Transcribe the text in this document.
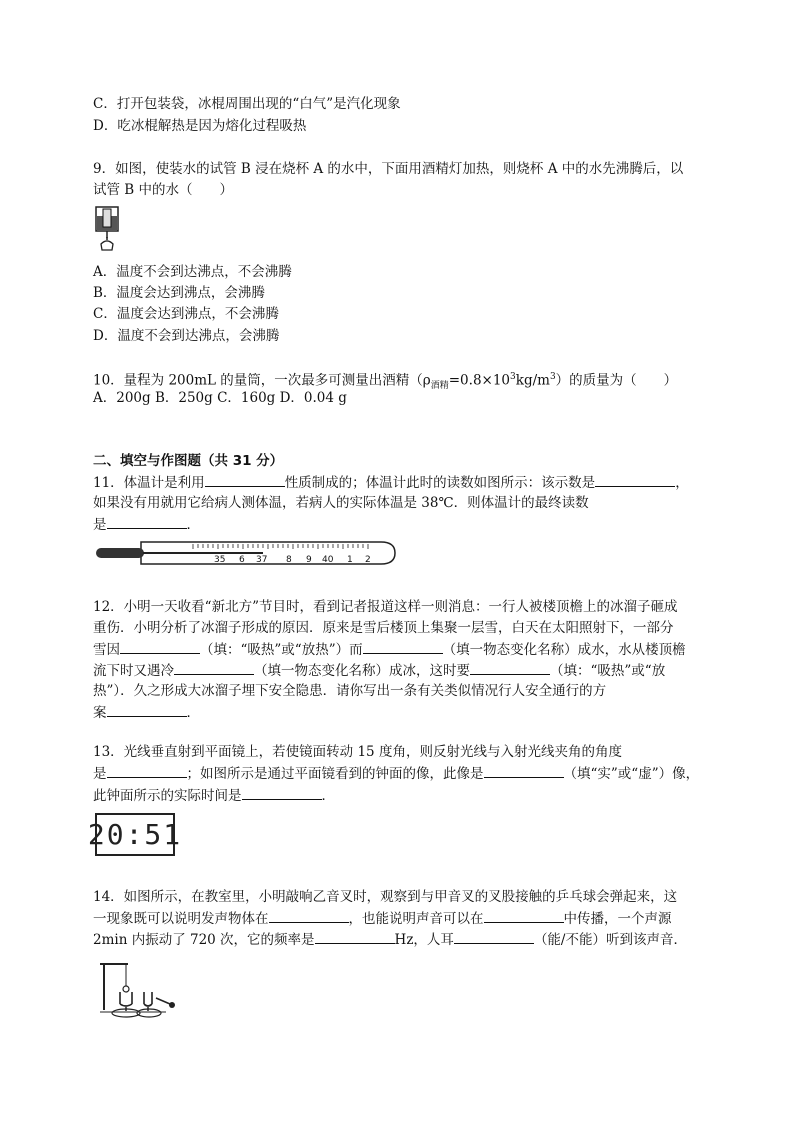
C．打开包装袋，冰棍周围出现的“白气”是汽化现象
D．吃冰棍解热是因为熔化过程吸热
9．如图，使装水的试管 B 浸在烧杯 A 的水中，下面用酒精灯加热，则烧杯 A 中的水先沸腾后，以
试管 B 中的水（　　）
A．温度不会到达沸点，不会沸腾
B．温度会达到沸点，会沸腾
C．温度会达到沸点，不会沸腾
D．温度不会到达沸点，会沸腾
10．量程为 200mL 的量筒，一次最多可测量出酒精$(\rho_{酒精}=0.8\times 10^3kg/m^3)$的质量为（　　）
A．200g B．250g C．160g D．0.04 g
二、填空与作图题（共 31 分）
11．体温计是利用	性质制成的；体温计此时的读数如图所示：该示数是	，
如果没有用就用它给病人测体温，若病人的实际体温是 38℃．则体温计的最终读数
是	．
35 6 37 8 9 40 1 2
12．小明一天收看“新北方”节目时，看到记者报道这样一则消息：一行人被楼顶檐上的冰溜子砸成
重伤．小明分析了冰溜子形成的原因．原来是雪后楼顶上集聚一层雪，白天在太阳照射下，一部分
雪因	（填：“吸热”或“放热”）而	（填一物态变化名称）成水，水从楼顶檐
流下时又遇冷	（填一物态变化名称）成冰，这时要	（填：“吸热”或“放
热”）．久之形成大冰溜子埋下安全隐患．请你写出一条有关类似情况行人安全通行的方
案	．
13．光线垂直射到平面镜上，若使镜面转动 15 度角，则反射光线与入射光线夹角的角度
是	；如图所示是通过平面镜看到的钟面的像，此像是	（填“实”或“虚”）像，
此钟面所示的实际时间是	．
20:51
14．如图所示，在教室里，小明敲响乙音叉时，观察到与甲音叉的叉股接触的乒乓球会弹起来，这
一现象既可以说明发声物体在	，也能说明声音可以在	中传播，一个声源
2min 内振动了 720 次，它的频率是	Hz，人耳	（能/不能）听到该声音．
